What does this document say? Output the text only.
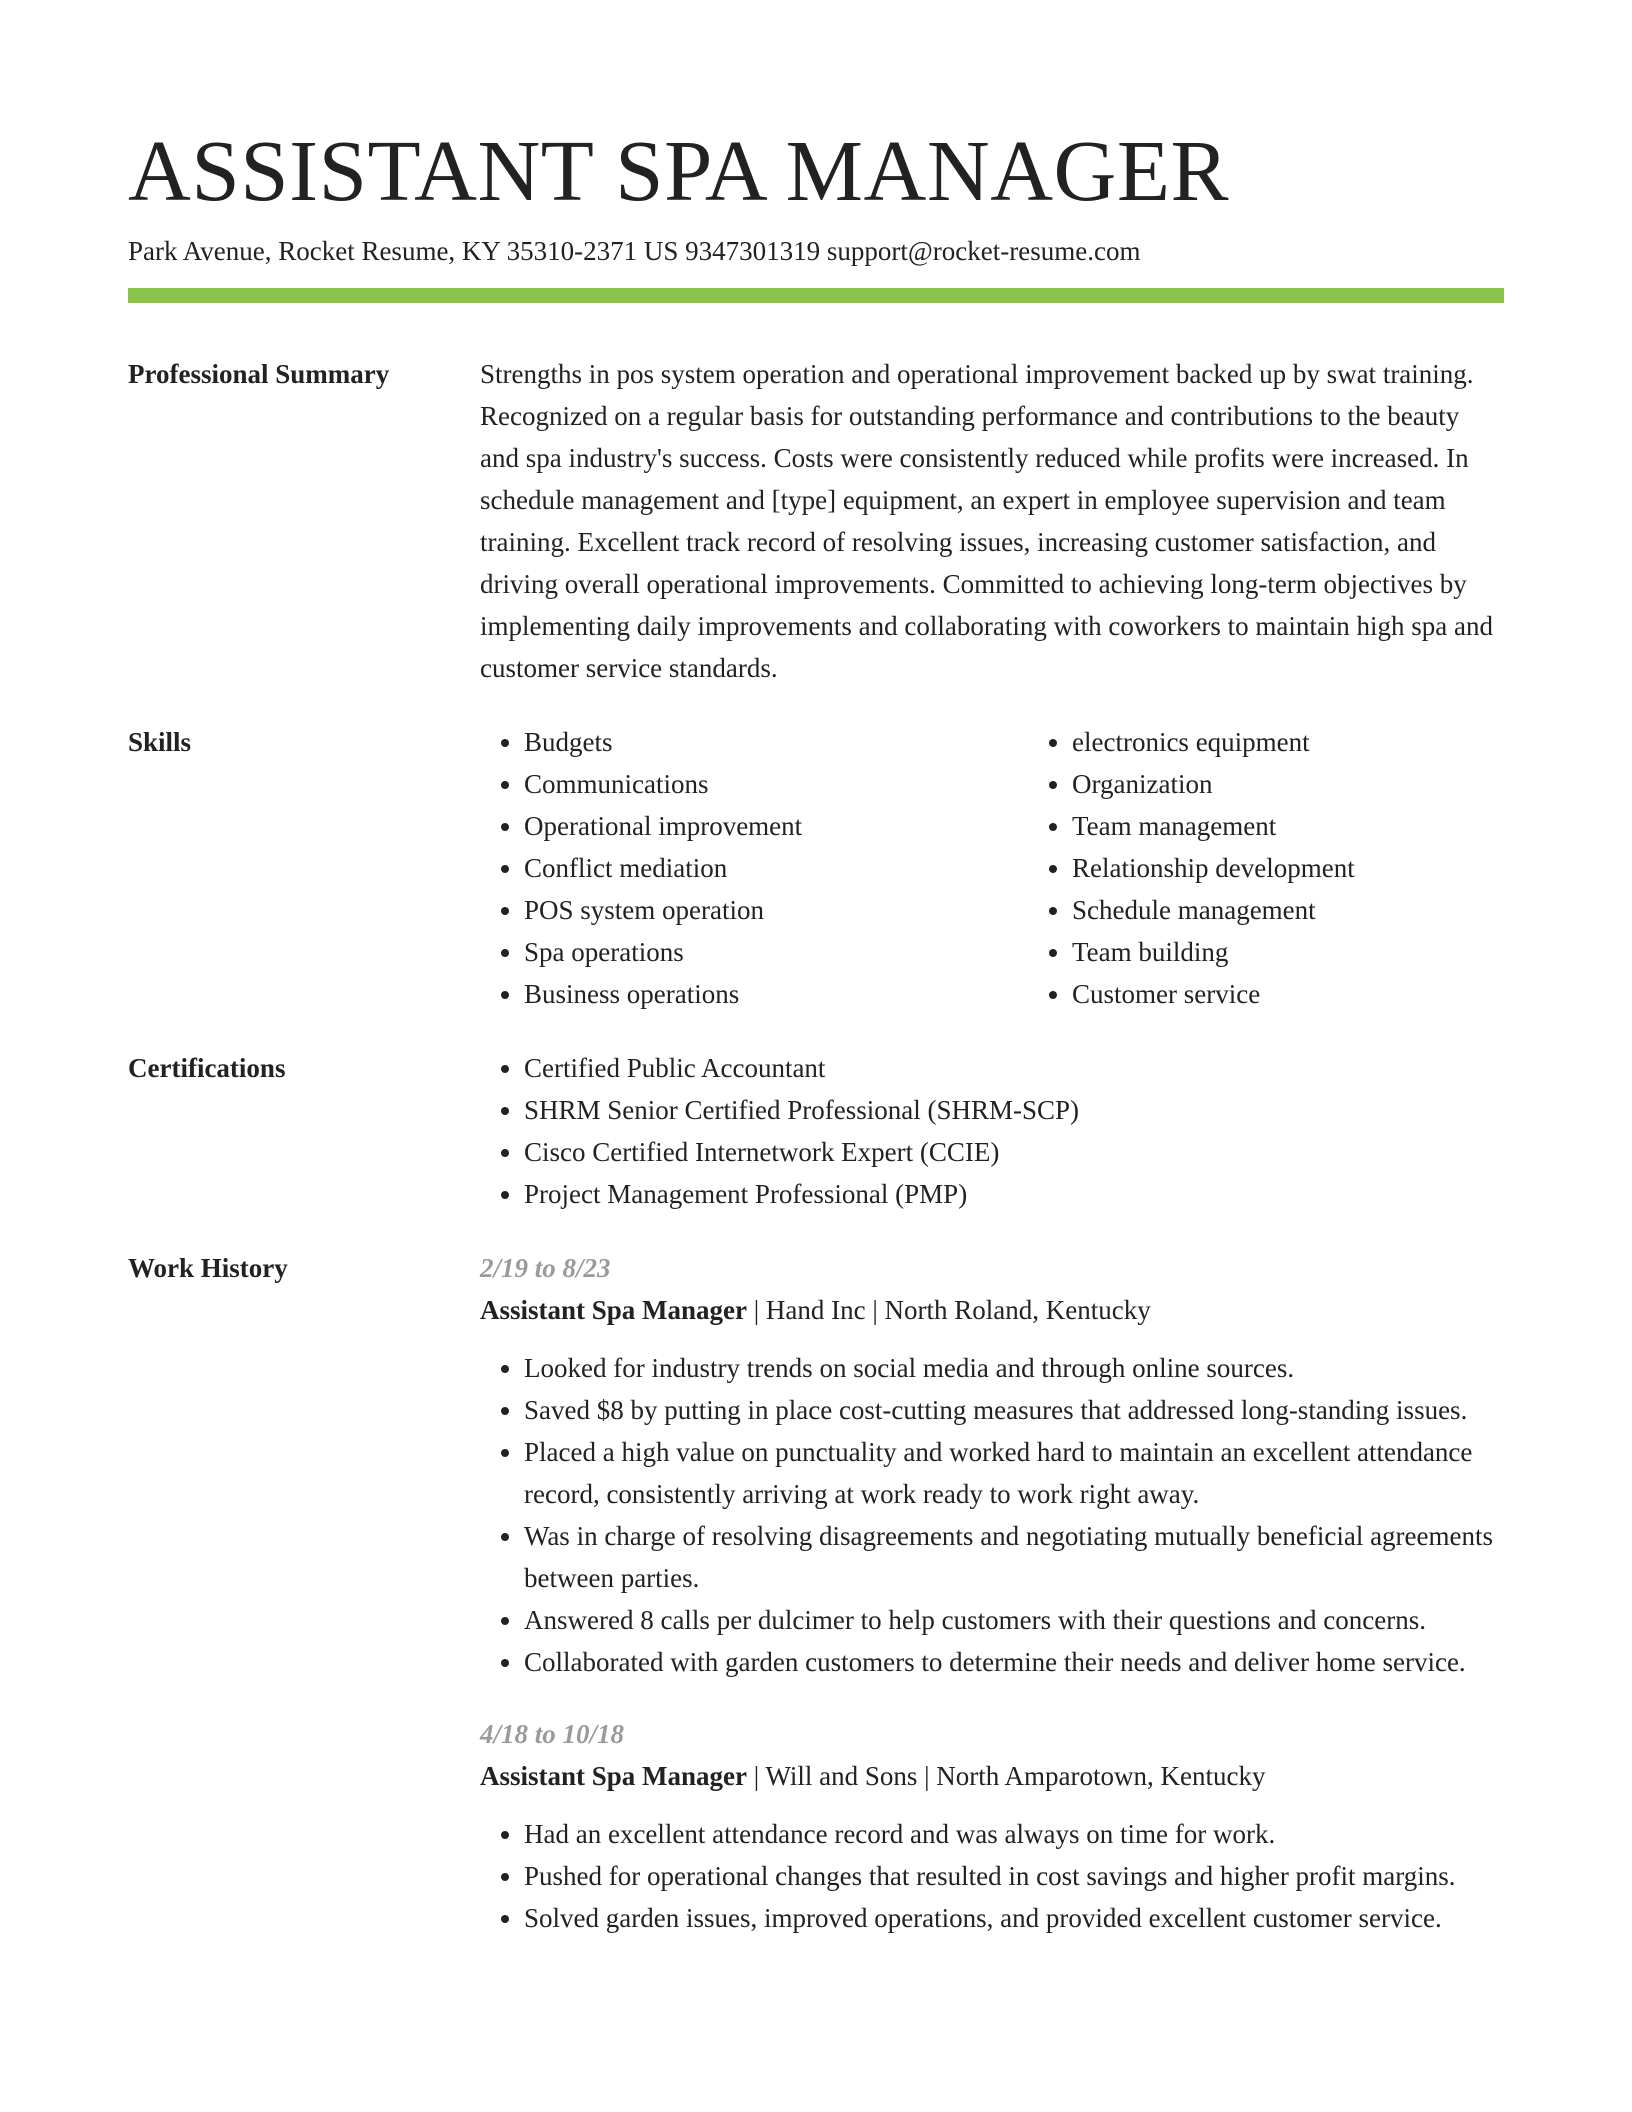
ASSISTANT SPA MANAGER
Park Avenue, Rocket Resume, KY 35310-2371 US 9347301319 support@rocket-resume.com
Professional Summary	Strengths in pos system operation and operational improvement backed up by swat training. Recognized on a regular basis for outstanding performance and contributions to the beauty and spa industry's success. Costs were consistently reduced while profits were increased. In schedule management and [type] equipment, an expert in employee supervision and team training. Excellent track record of resolving issues, increasing customer satisfaction, and driving overall operational improvements. Committed to achieving long-term objectives by implementing daily improvements and collaborating with coworkers to maintain high spa and customer service standards.
Skills	• Budgets
• Communications
• Operational improvement
• Conflict mediation
• POS system operation
• Spa operations
• Business operations
• electronics equipment
• Organization
• Team management
• Relationship development
• Schedule management
• Team building
• Customer service
Certifications	• Certified Public Accountant
• SHRM Senior Certified Professional (SHRM-SCP)
• Cisco Certified Internetwork Expert (CCIE)
• Project Management Professional (PMP)
Work History	2/19 to 8/23
Assistant Spa Manager | Hand Inc | North Roland, Kentucky
• Looked for industry trends on social media and through online sources.
• Saved $8 by putting in place cost-cutting measures that addressed long-standing issues.
• Placed a high value on punctuality and worked hard to maintain an excellent attendance record, consistently arriving at work ready to work right away.
• Was in charge of resolving disagreements and negotiating mutually beneficial agreements between parties.
• Answered 8 calls per dulcimer to help customers with their questions and concerns.
• Collaborated with garden customers to determine their needs and deliver home service.
4/18 to 10/18
Assistant Spa Manager | Will and Sons | North Amparotown, Kentucky
• Had an excellent attendance record and was always on time for work.
• Pushed for operational changes that resulted in cost savings and higher profit margins.
• Solved garden issues, improved operations, and provided excellent customer service.
